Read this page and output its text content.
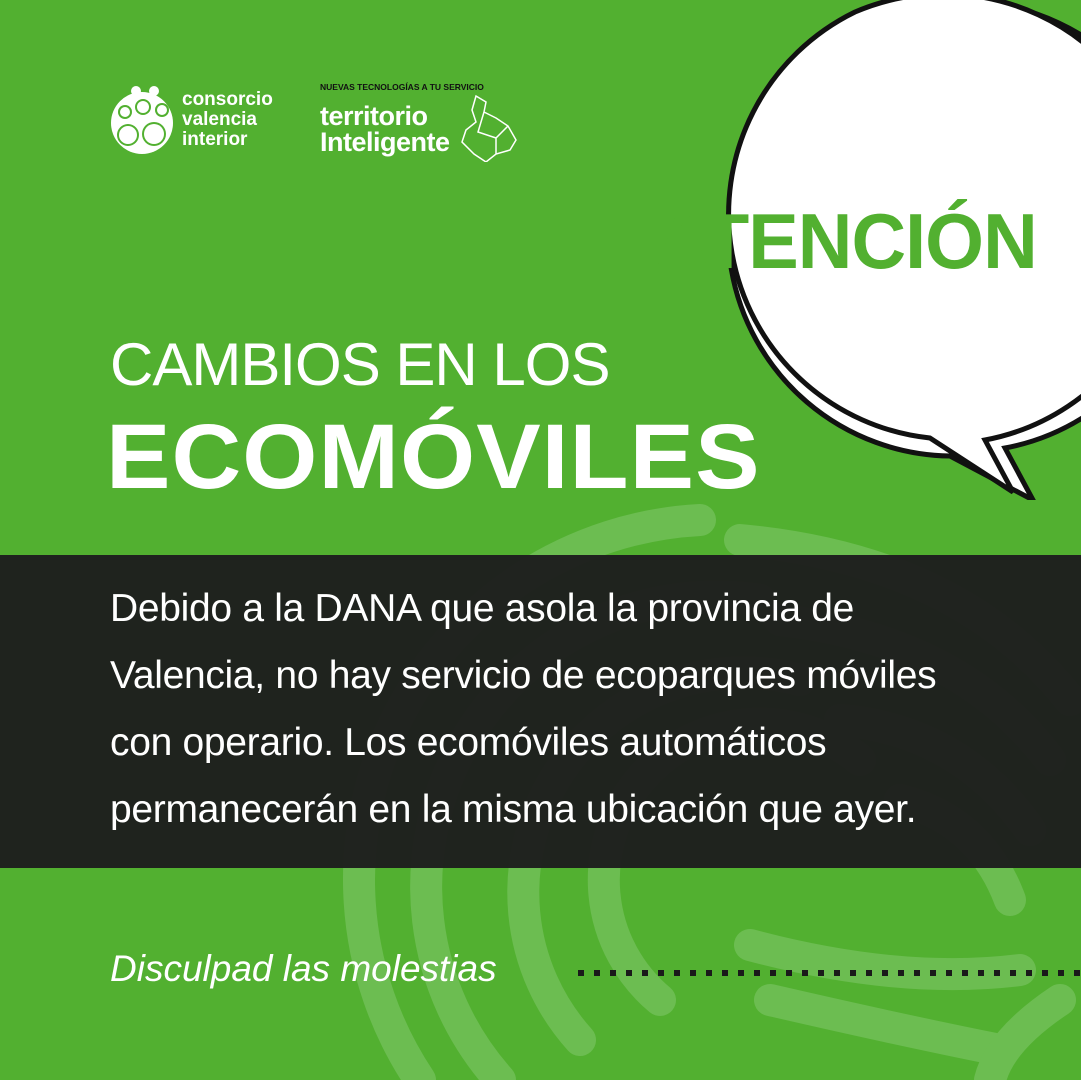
ATENCIÓN
consorcio
valencia
interior
NUEVAS TECNOLOGÍAS A TU SERVICIO
territorio
Inteligente
CAMBIOS EN LOS
ECOMÓVILES
Debido a la DANA que asola la provincia de
Valencia, no hay servicio de ecoparques móviles
con operario. Los ecomóviles automáticos
permanecerán en la misma ubicación que ayer.
Disculpad las molestias
